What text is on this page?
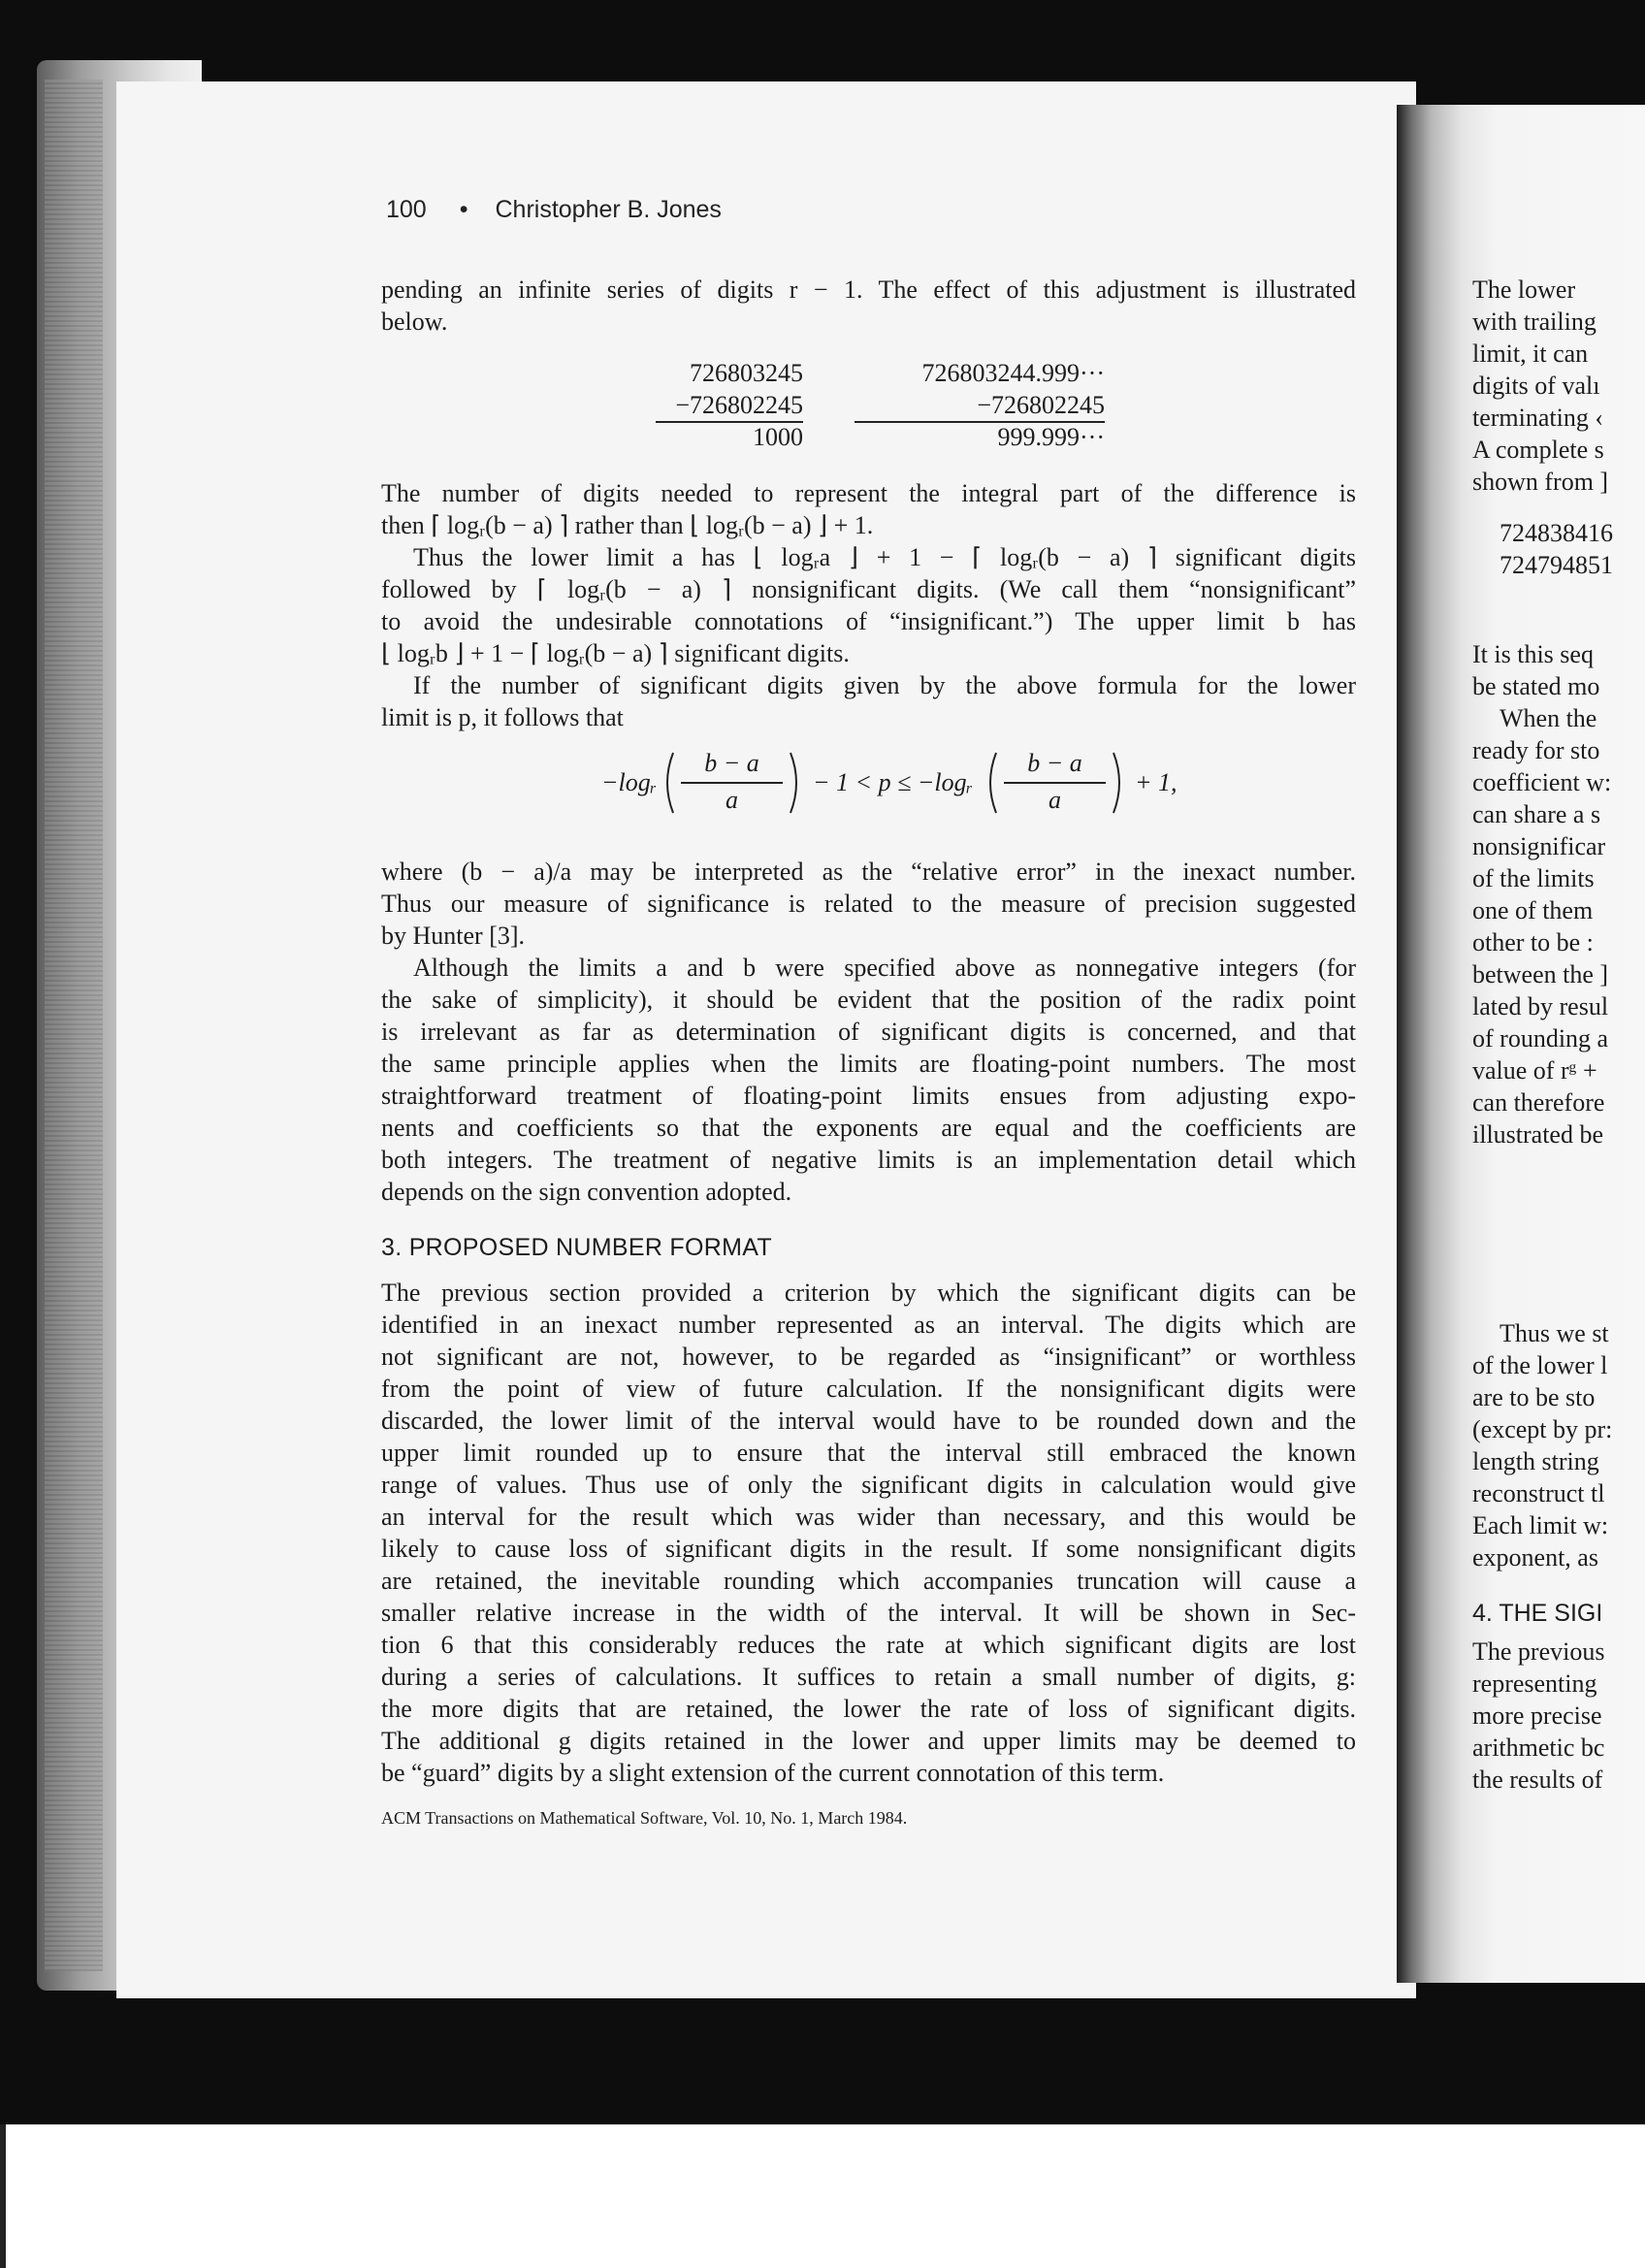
100 • Christopher B. Jones
pending an infinite series of digits r − 1. The effect of this adjustment is illustrated
below.
726803245
−726802245
1000
726803244.999···
−726802245
999.999···
The number of digits needed to represent the integral part of the difference is
then ⌈ logᵣ(b − a) ⌉ rather than ⌊ logᵣ(b − a) ⌋ + 1.
Thus the lower limit a has ⌊ logᵣa ⌋ + 1 − ⌈ logᵣ(b − a) ⌉ significant digits
followed by ⌈ logᵣ(b − a) ⌉ nonsignificant digits. (We call them “nonsignificant”
to avoid the undesirable connotations of “insignificant.”) The upper limit b has
⌊ logᵣb ⌋ + 1 − ⌈ logᵣ(b − a) ⌉ significant digits.
If the number of significant digits given by the above formula for the lower
limit is p, it follows that
−logᵣ
b − a
a
− 1 < p ≤ −logᵣ
b − a
a
+ 1,
where (b − a)/a may be interpreted as the “relative error” in the inexact number.
Thus our measure of significance is related to the measure of precision suggested
by Hunter [3].
Although the limits a and b were specified above as nonnegative integers (for
the sake of simplicity), it should be evident that the position of the radix point
is irrelevant as far as determination of significant digits is concerned, and that
the same principle applies when the limits are floating-point numbers. The most
straightforward treatment of floating-point limits ensues from adjusting expo-
nents and coefficients so that the exponents are equal and the coefficients are
both integers. The treatment of negative limits is an implementation detail which
depends on the sign convention adopted.
3. PROPOSED NUMBER FORMAT
The previous section provided a criterion by which the significant digits can be
identified in an inexact number represented as an interval. The digits which are
not significant are not, however, to be regarded as “insignificant” or worthless
from the point of view of future calculation. If the nonsignificant digits were
discarded, the lower limit of the interval would have to be rounded down and the
upper limit rounded up to ensure that the interval still embraced the known
range of values. Thus use of only the significant digits in calculation would give
an interval for the result which was wider than necessary, and this would be
likely to cause loss of significant digits in the result. If some nonsignificant digits
are retained, the inevitable rounding which accompanies truncation will cause a
smaller relative increase in the width of the interval. It will be shown in Sec-
tion 6 that this considerably reduces the rate at which significant digits are lost
during a series of calculations. It suffices to retain a small number of digits, g:
the more digits that are retained, the lower the rate of loss of significant digits.
The additional g digits retained in the lower and upper limits may be deemed to
be “guard” digits by a slight extension of the current connotation of this term.
ACM Transactions on Mathematical Software, Vol. 10, No. 1, March 1984.
The lower
with trailing
limit, it can
digits of valı
terminating ‹
A complete s
shown from ]
724838416
724794851
It is this seq
be stated mo
When the
ready for sto
coefficient w:
can share a s
nonsignificar
of the limits
one of them
other to be :
between the ]
lated by resul
of rounding a
value of rᵍ +
can therefore
illustrated be
Thus we st
of the lower l
are to be sto
(except by pr:
length string
reconstruct tl
Each limit w:
exponent, as
4. THE SIGI
The previous
representing
more precise
arithmetic bc
the results of
